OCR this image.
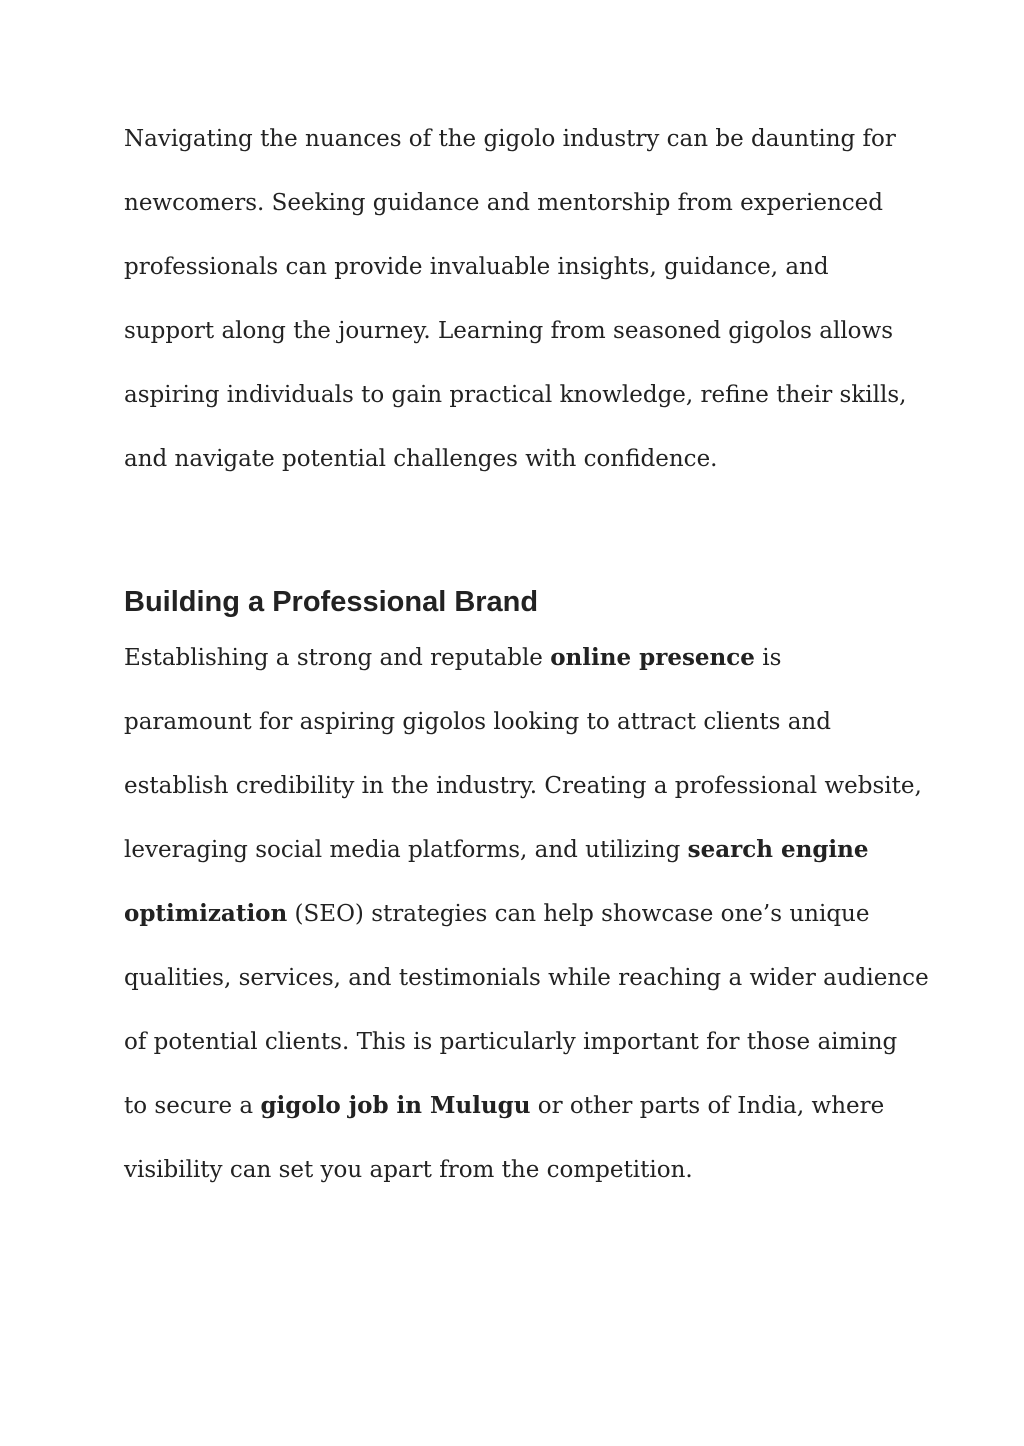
Navigating the nuances of the gigolo industry can be daunting for
newcomers. Seeking guidance and mentorship from experienced
professionals can provide invaluable insights, guidance, and
support along the journey. Learning from seasoned gigolos allows
aspiring individuals to gain practical knowledge, refine their skills,
and navigate potential challenges with confidence.
Building a Professional Brand
Establishing a strong and reputable online presence is
paramount for aspiring gigolos looking to attract clients and
establish credibility in the industry. Creating a professional website,
leveraging social media platforms, and utilizing search engine
optimization (SEO) strategies can help showcase one’s unique
qualities, services, and testimonials while reaching a wider audience
of potential clients. This is particularly important for those aiming
to secure a gigolo job in Mulugu or other parts of India, where
visibility can set you apart from the competition.
